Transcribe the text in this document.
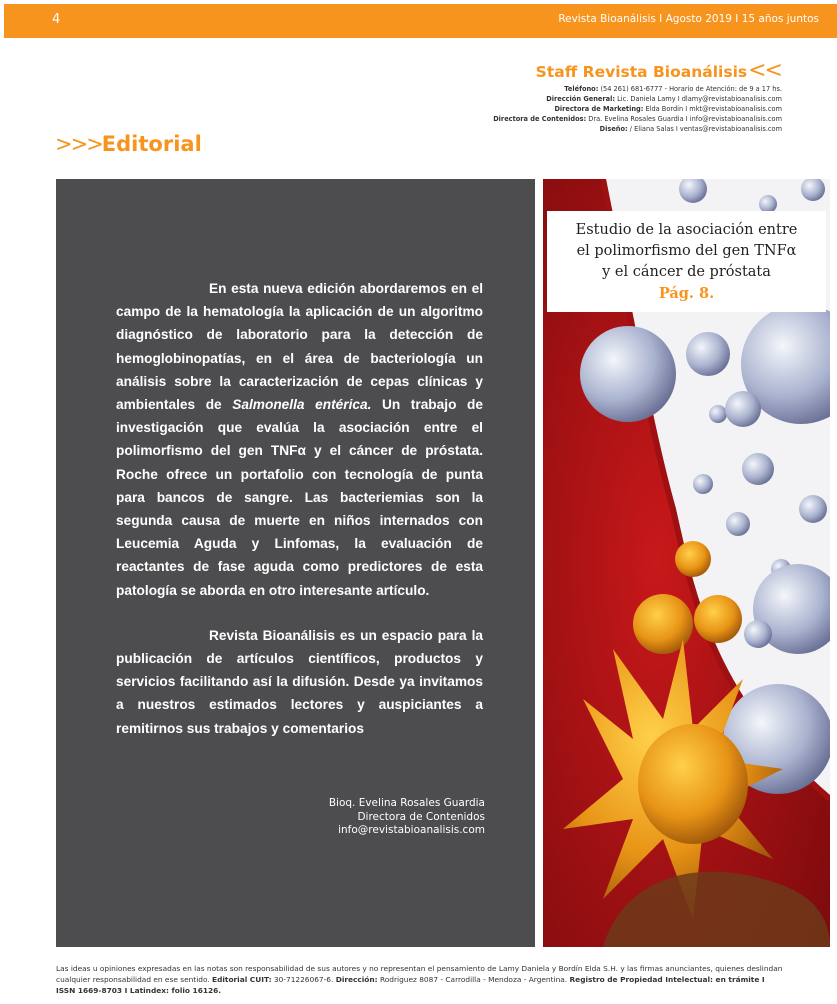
4	Revista Bioanálisis I Agosto 2019 I 15 años juntos
Staff Revista Bioanálisis<<
Teléfono: (54 261) 681-6777 - Horario de Atención: de 9 a 17 hs.
Dirección General: Lic. Daniela Lamy I dlamy@revistabioanalisis.com
Directora de Marketing: Elda Bordin I mkt@revistabioanalisis.com
Directora de Contenidos: Dra. Evelina Rosales Guardia I info@revistabioanalisis.com
Diseño: / Eliana Salas I ventas@revistabioanalisis.com
>>>Editorial

En esta nueva edición abordaremos en el campo de la hematología la aplicación de un algoritmo diagnóstico de laboratorio para la detección de hemoglobinopatías, en el área de bacteriología un análisis sobre la caracterización de cepas clínicas y ambientales de Salmonella entérica. Un trabajo de investigación que evalúa la asociación entre el polimorfismo del gen TNFα y el cáncer de próstata. Roche ofrece un portafolio con tecnología de punta para bancos de sangre. Las bacteriemias son la segunda causa de muerte en niños internados con Leucemia Aguda y Linfomas, la evaluación de reactantes de fase aguda como predictores de esta patología se aborda en otro interesante artículo.

Revista Bioanálisis es un espacio para la publicación de artículos científicos, productos y servicios facilitando así la difusión. Desde ya invitamos a nuestros estimados lectores y auspiciantes a remitirnos sus trabajos y comentarios

Bioq. Evelina Rosales Guardia
Directora de Contenidos
info@revistabioanalisis.com
Estudio de la asociación entre
el polimorfismo del gen TNFα
y el cáncer de próstata
Pág. 8.
Las ideas u opiniones expresadas en las notas son responsabilidad de sus autores y no representan el pensamiento de Lamy Daniela y Bordín Elda S.H. y las firmas anunciantes, quienes deslindan cualquier responsabilidad en ese sentido. Editorial CUIT: 30-71226067-6. Dirección: Rodriguez 8087 - Carrodilla - Mendoza - Argentina. Registro de Propiedad Intelectual: en trámite I ISSN 1669-8703 I Latindex: folio 16126.
